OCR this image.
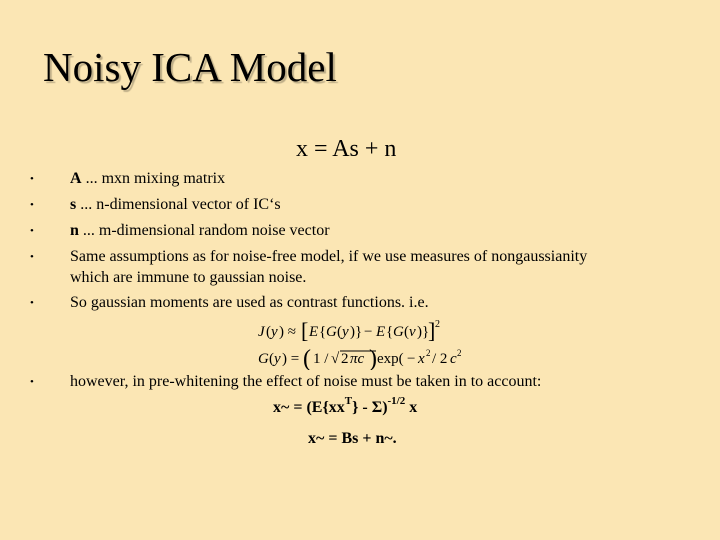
Noisy ICA Model
x = As + n
• A ... mxn mixing matrix
• s ... n-dimensional vector of IC‘s
• n ... m-dimensional random noise vector
• Same assumptions as for noise-free model, if we use measures of nongaussianity
which are immune to gaussian noise.
• So gaussian moments are used as contrast functions. i.e.
J ( y ) ≈ [ E { G ( y )} − E { G ( ν )}
] 2
G ( y ) = ( 1 / √ 2 πc ) exp( − x 2 / 2 c 2
• however, in pre-whitening the effect of noise must be taken in to account:
x~ = $(E\{xx^T\} - \Sigma)^{-1/2}$ x
x~ = Bs + n~.
